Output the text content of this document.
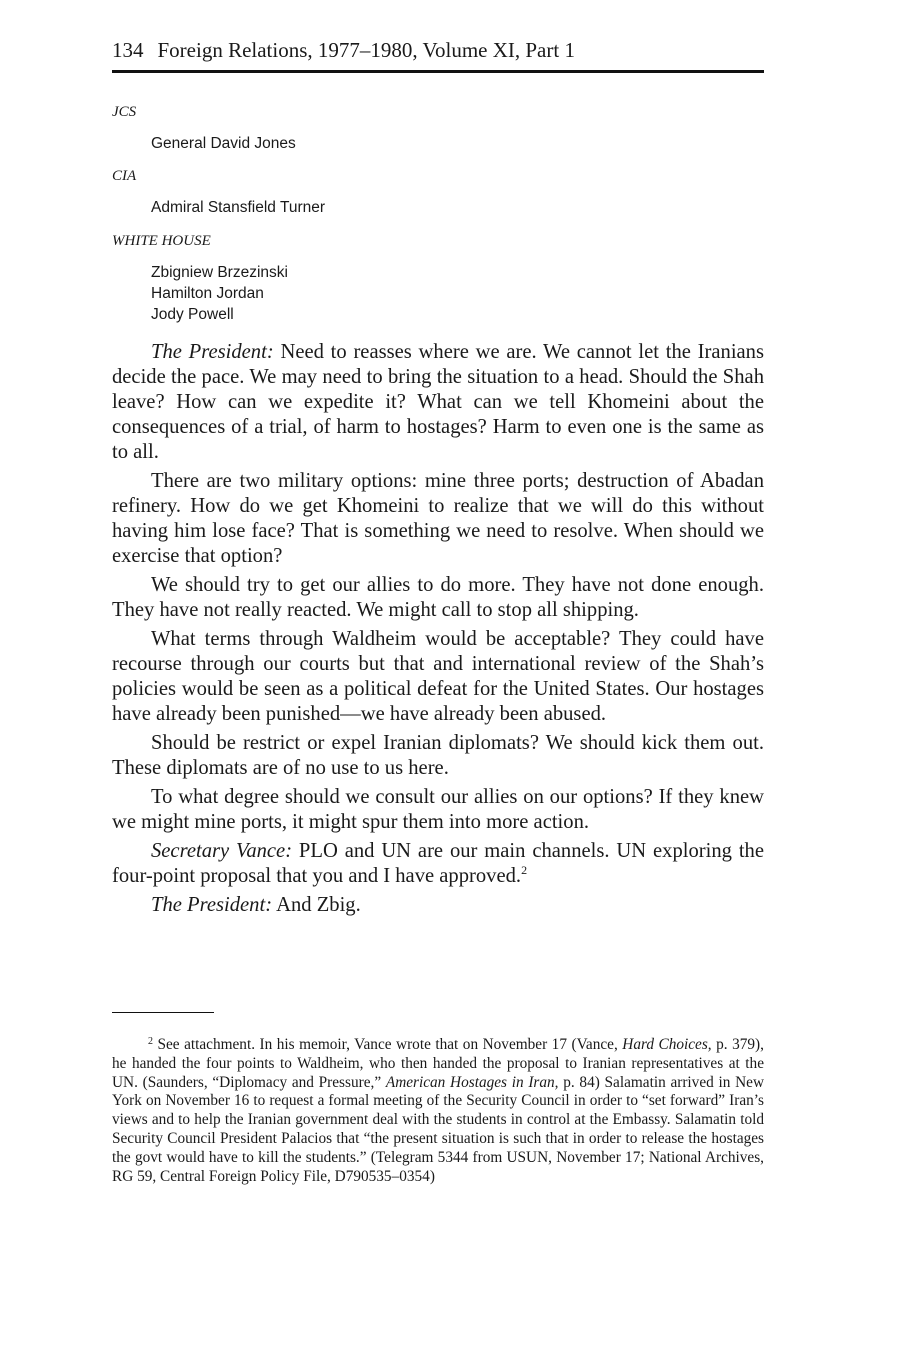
134 Foreign Relations, 1977–1980, Volume XI, Part 1
JCS
General David Jones
CIA
Admiral Stansfield Turner
WHITE HOUSE
Zbigniew Brzezinski
Hamilton Jordan
Jody Powell

The President: Need to reasses where we are. We cannot let the Iranians decide the pace. We may need to bring the situation to a head. Should the Shah leave? How can we expedite it? What can we tell Khomeini about the consequences of a trial, of harm to hostages? Harm to even one is the same as to all.

There are two military options: mine three ports; destruction of Abadan refinery. How do we get Khomeini to realize that we will do this without having him lose face? That is something we need to resolve. When should we exercise that option?

We should try to get our allies to do more. They have not done enough. They have not really reacted. We might call to stop all shipping.

What terms through Waldheim would be acceptable? They could have recourse through our courts but that and international review of the Shah’s policies would be seen as a political defeat for the United States. Our hostages have already been punished—we have already been abused.

Should be restrict or expel Iranian diplomats? We should kick them out. These diplomats are of no use to us here.

To what degree should we consult our allies on our options? If they knew we might mine ports, it might spur them into more action.

Secretary Vance: PLO and UN are our main channels. UN exploring the four-point proposal that you and I have approved.$^2$

The President: And Zbig.

$^2$ See attachment. In his memoir, Vance wrote that on November 17 (Vance, Hard Choices, p. 379), he handed the four points to Waldheim, who then handed the proposal to Iranian representatives at the UN. (Saunders, “Diplomacy and Pressure,” American Hostages in Iran, p. 84) Salamatin arrived in New York on November 16 to request a formal meeting of the Security Council in order to “set forward” Iran’s views and to help the Iranian government deal with the students in control at the Embassy. Salamatin told Security Council President Palacios that “the present situation is such that in order to release the hostages the govt would have to kill the students.” (Telegram 5344 from USUN, November 17; National Archives, RG 59, Central Foreign Policy File, D790535–0354)
